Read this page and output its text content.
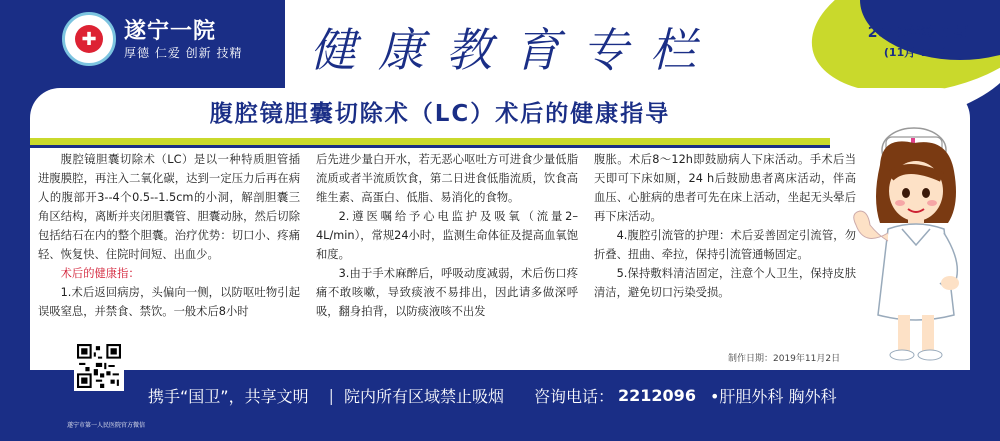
✚ 遂宁一院
厚德 仁爱 创新 技精 健康教育专栏	2019年第 6 期
(11月–12月)
腹腔镜胆囊切除术（LC）术后的健康指导

腹腔镜胆囊切除术（LC）是以一种特质胆管插进腹膜腔，再注入二氧化碳，达到一定压力后再在病人的腹部开3--4个0.5--1.5cm的小洞，解剖胆囊三角区结构，离断并夹闭胆囊管、胆囊动脉，然后切除包括结石在内的整个胆囊。治疗优势：切口小、疼痛轻、恢复快、住院时间短、出血少。

术后的健康指：

1.术后返回病房，头偏向一侧，以防呕吐物引起误吸窒息，并禁食、禁饮。一般术后8小时

后先进少量白开水，若无恶心呕吐方可进食少量低脂流质或者半流质饮食，第二日进食低脂流质，饮食高维生素、高蛋白、低脂、易消化的食物。

2.遵医嘱给予心电监护及吸氧（流量2–4L/min），常规24小时，监测生命体征及提高血氧饱和度。

3.由于手术麻醉后，呼吸动度减弱，术后伤口疼痛不敢咳嗽，导致痰液不易排出，因此请多做深呼吸，翻身拍背，以防痰液咳不出发

腹胀。术后8～12h即鼓励病人下床活动。手术后当天即可下床如厕，24 h后鼓励患者离床活动，伴高血压、心脏病的患者可先在床上活动，坐起无头晕后再下床活动。

4.腹腔引流管的护理：术后妥善固定引流管，勿折叠、扭曲、牵拉，保持引流管通畅固定。

5.保持敷料清洁固定，注意个人卫生，保持皮肤清洁，避免切口污染受损。

制作日期：2019年11月2日
遂宁市第一人民医院官方微信
携手“国卫”，共享文明 | 院内所有区域禁止吸烟 咨询电话： 2212096 •肝胆外科 胸外科
